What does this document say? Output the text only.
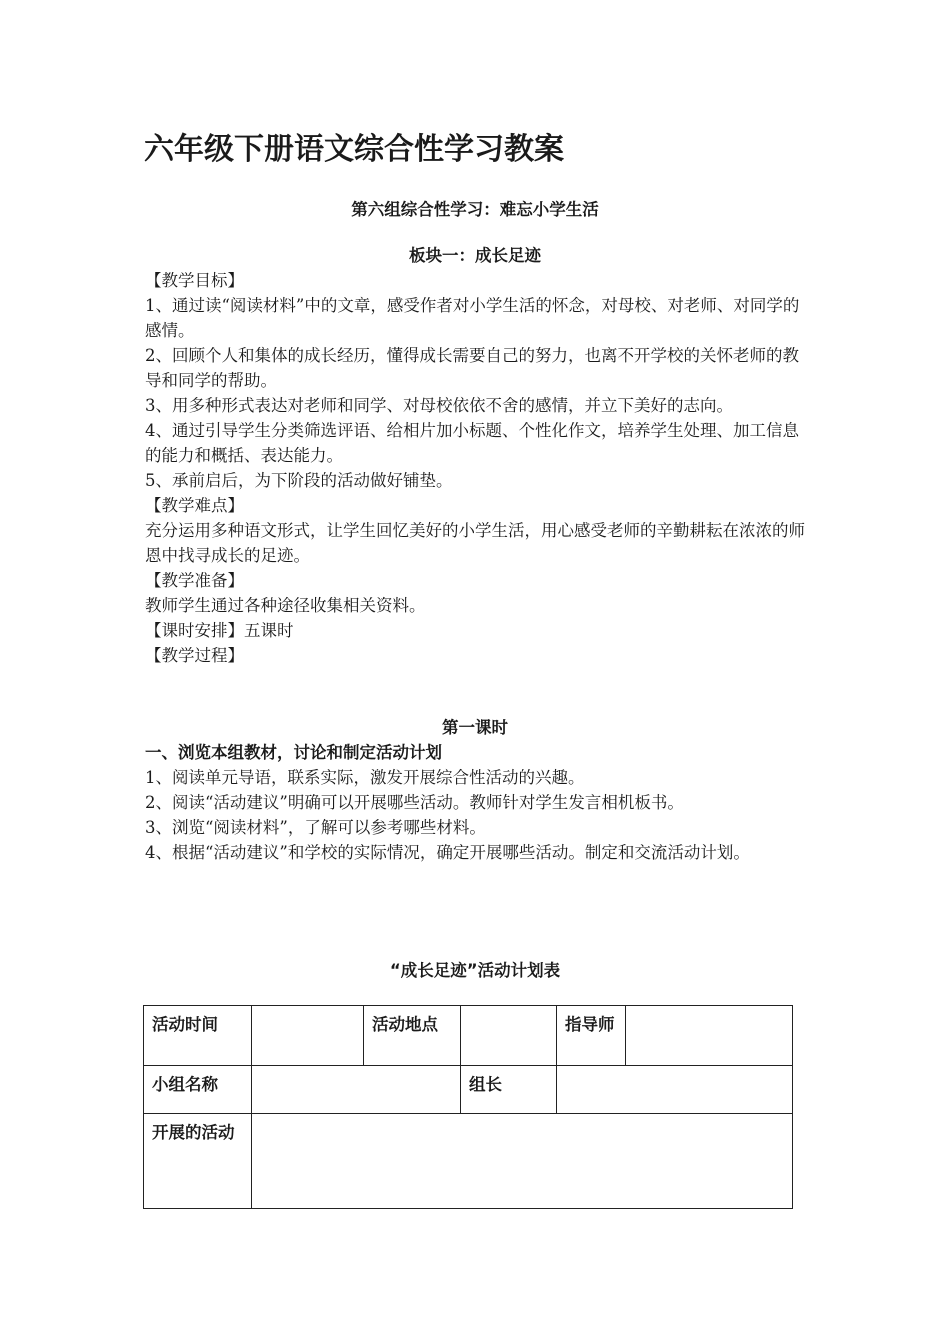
六年级下册语文综合性学习教案
第六组综合性学习：难忘小学生活
板块一：成长足迹

【教学目标】

1、通过读“阅读材料”中的文章，感受作者对小学生活的怀念，对母校、对老师、对同学的感情。

2、回顾个人和集体的成长经历，懂得成长需要自己的努力，也离不开学校的关怀老师的教导和同学的帮助。

3、用多种形式表达对老师和同学、对母校依依不舍的感情，并立下美好的志向。

4、通过引导学生分类筛选评语、给相片加小标题、个性化作文，培养学生处理、加工信息的能力和概括、表达能力。

5、承前启后，为下阶段的活动做好铺垫。

【教学难点】

充分运用多种语文形式，让学生回忆美好的小学生活，用心感受老师的辛勤耕耘在浓浓的师恩中找寻成长的足迹。

【教学准备】

教师学生通过各种途径收集相关资料。

【课时安排】五课时

【教学过程】

第一课时

一、浏览本组教材，讨论和制定活动计划

1、阅读单元导语，联系实际，激发开展综合性活动的兴趣。

2、阅读“活动建议”明确可以开展哪些活动。教师针对学生发言相机板书。

3、浏览“阅读材料”，了解可以参考哪些材料。

4、根据“活动建议”和学校的实际情况，确定开展哪些活动。制定和交流活动计划。

“成长足迹”活动计划表
活动时间		活动地点		指导师	
小组名称			组长		
开展的活动					
